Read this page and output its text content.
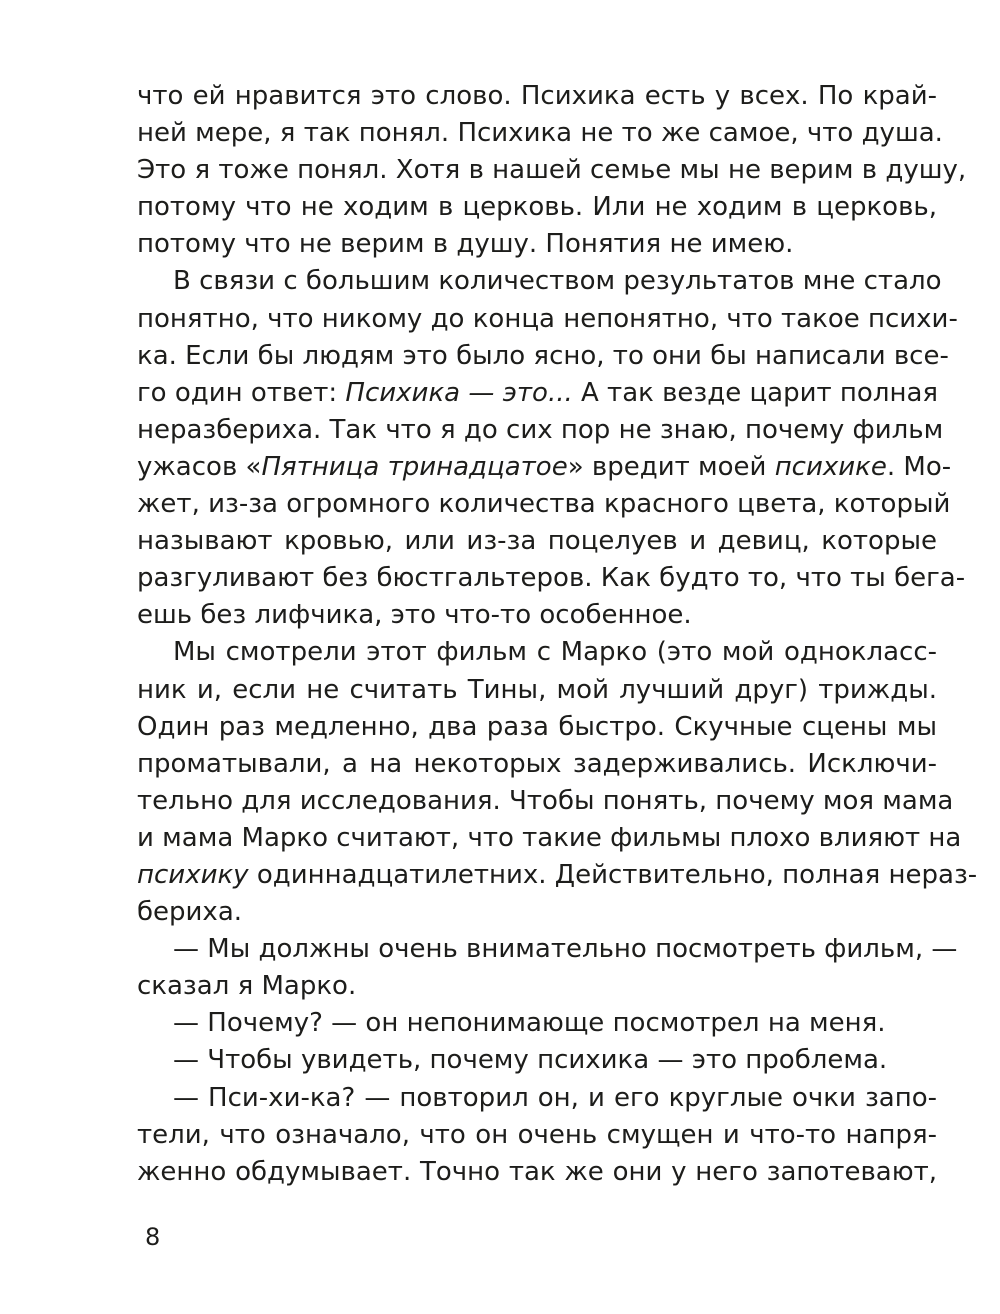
что ей нравится это слово. Психика есть у всех. По край-
ней мере, я так понял. Психика не то же самое, что душа.
Это я тоже понял. Хотя в нашей семье мы не верим в душу,
потому что не ходим в церковь. Или не ходим в церковь,
потому что не верим в душу. Понятия не имею.
В связи с большим количеством результатов мне стало
понятно, что никому до конца непонятно, что такое психи-
ка. Если бы людям это было ясно, то они бы написали все-
го один ответ: Психика — это... А так везде царит полная
неразбериха. Так что я до сих пор не знаю, почему фильм
ужасов «Пятница тринадцатое» вредит моей психике. Мо-
жет, из-за огромного количества красного цвета, который
называют кровью, или из-за поцелуев и девиц, которые
разгуливают без бюстгальтеров. Как будто то, что ты бега-
ешь без лифчика, это что-то особенное.
Мы смотрели этот фильм с Марко (это мой однокласс-
ник и, если не считать Тины, мой лучший друг) трижды.
Один раз медленно, два раза быстро. Скучные сцены мы
проматывали, а на некоторых задерживались. Исключи-
тельно для исследования. Чтобы понять, почему моя мама
и мама Марко считают, что такие фильмы плохо влияют на
психику одиннадцатилетних. Действительно, полная нераз-
бериха.
— Мы должны очень внимательно посмотреть фильм, —
сказал я Марко.
— Почему? — он непонимающе посмотрел на меня.
— Чтобы увидеть, почему психика — это проблема.
— Пси-хи-ка? — повторил он, и его круглые очки запо-
тели, что означало, что он очень смущен и что-то напря-
женно обдумывает. Точно так же они у него запотевают,
8
